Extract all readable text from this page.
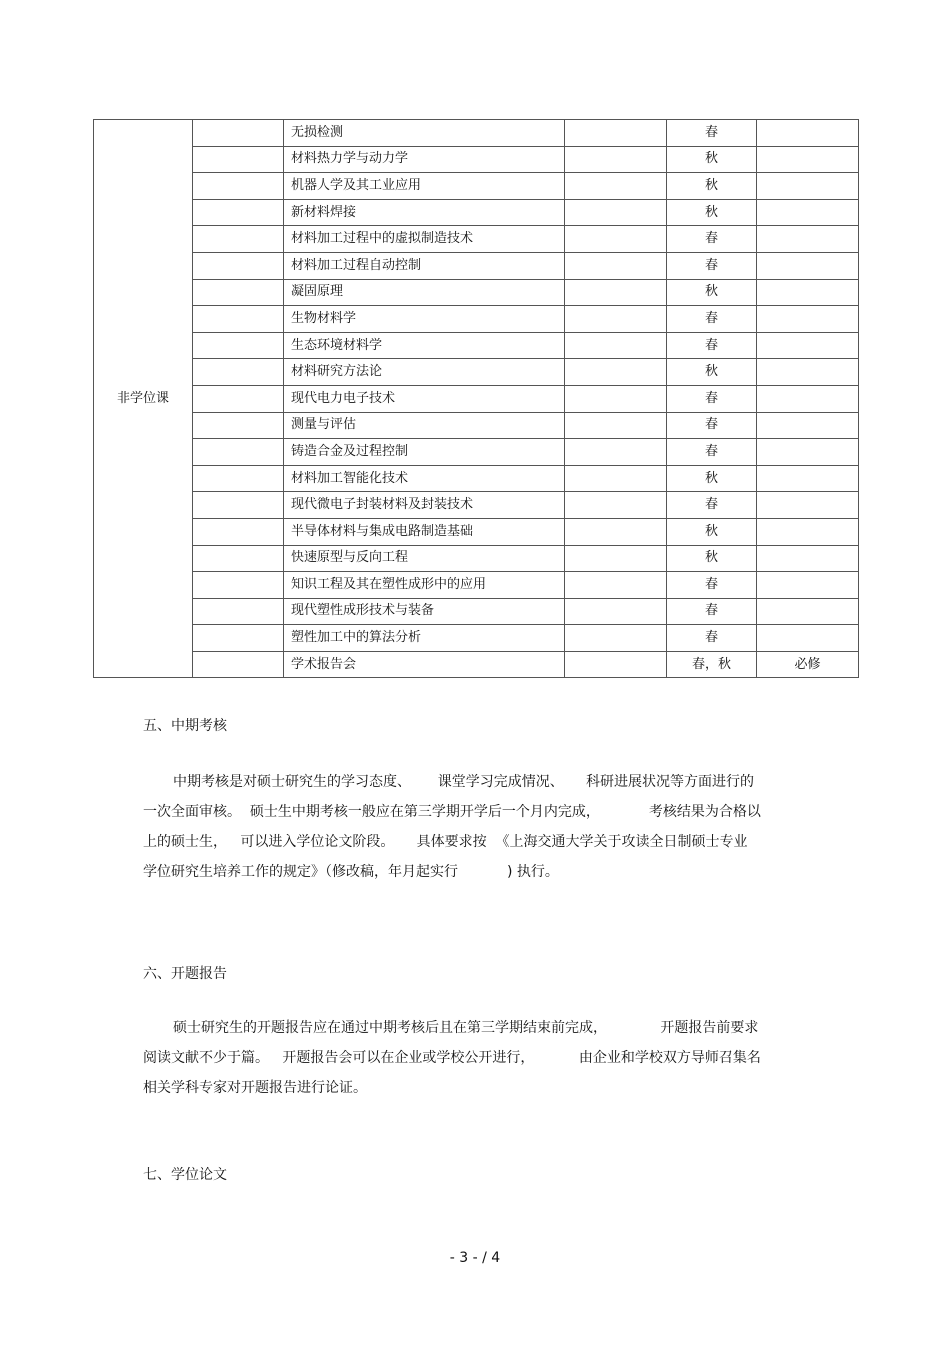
非学位课		无损检测		春	
		材料热力学与动力学		秋	
		机器人学及其工业应用		秋	
		新材料焊接		秋	
		材料加工过程中的虚拟制造技术		春	
		材料加工过程自动控制		春	
		凝固原理		秋	
		生物材料学		春	
		生态环境材料学		春	
		材料研究方法论		秋	
		现代电力电子技术		春	
		测量与评估		春	
		铸造合金及过程控制		春	
		材料加工智能化技术		秋	
		现代微电子封装材料及封装技术		春	
		半导体材料与集成电路制造基础		秋	
		快速原型与反向工程		秋	
		知识工程及其在塑性成形中的应用		春	
		现代塑性成形技术与装备		春	
		塑性加工中的算法分析		春	
		学术报告会		春，秋	必修
五、中期考核
中期考核是对硕士研究生的学习态度、      课堂学习完成情况、     科研进展状况等方面进行的
一次全面审核。  硕士生中期考核一般应在第三学期开学后一个月内完成，           考核结果为合格以
上的硕士生，   可以进入学位论文阶段。     具体要求按  《上海交通大学关于攻读全日制硕士专业
学位研究生培养工作的规定》（修改稿，年月起实行           ) 执行。
六、开题报告
硕士研究生的开题报告应在通过中期考核后且在第三学期结束前完成，            开题报告前要求
阅读文献不少于篇。   开题报告会可以在企业或学校公开进行，          由企业和学校双方导师召集名
相关学科专家对开题报告进行论证。
七、学位论文
- 3 - / 4
